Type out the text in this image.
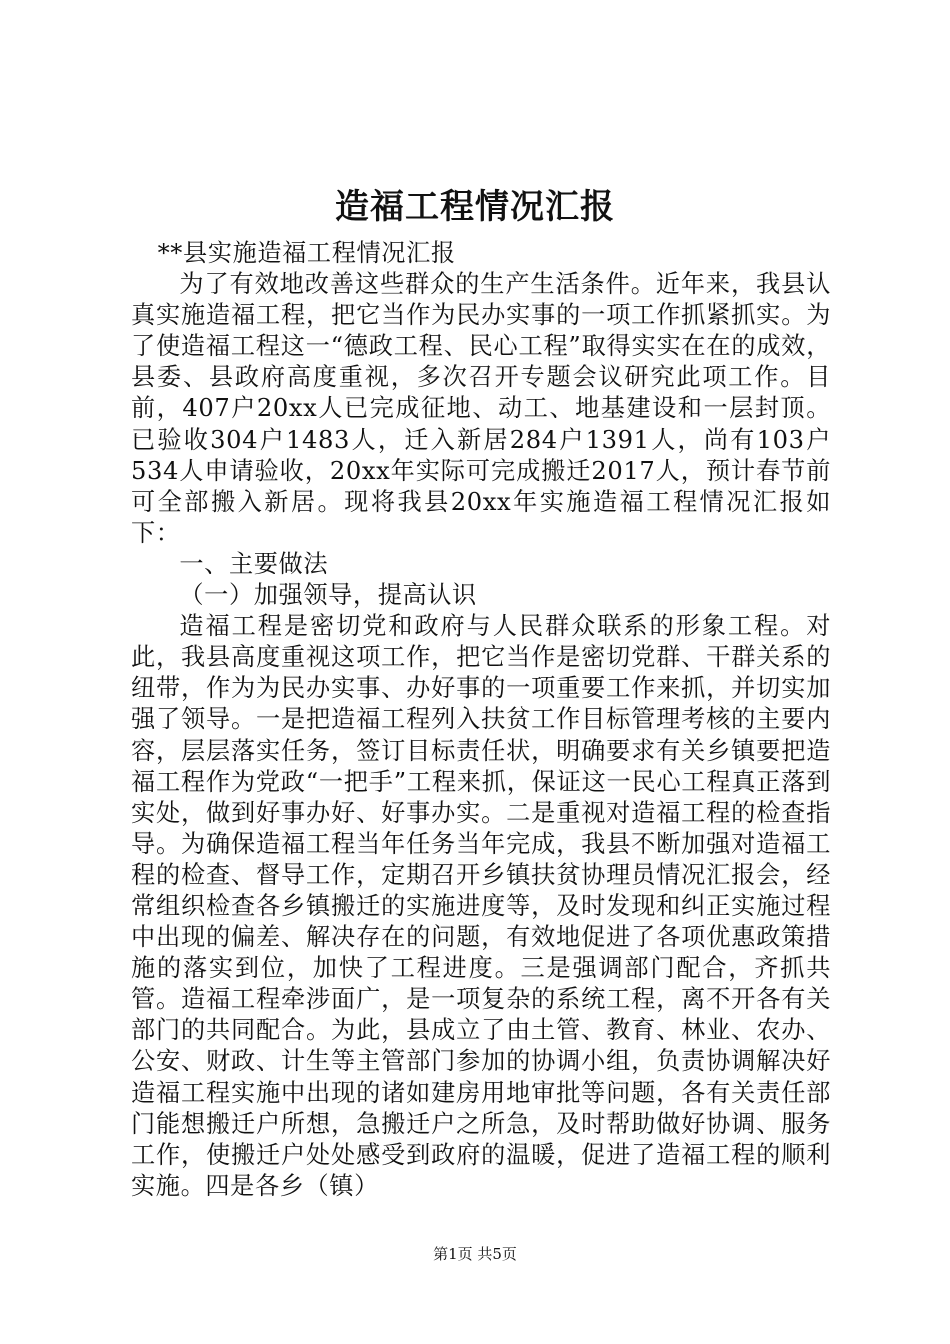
造福工程情况汇报

**县实施造福工程情况汇报

为了有效地改善这些群众的生产生活条件。近年来，我县认真实施造福工程，把它当作为民办实事的一项工作抓紧抓实。为了使造福工程这一“德政工程、民心工程”取得实实在在的成效，县委、县政府高度重视，多次召开专题会议研究此项工作。目前，407户20xx人已完成征地、动工、地基建设和一层封顶。已验收304户1483人，迁入新居284户1391人，尚有103户534人申请验收，20xx年实际可完成搬迁2017人，预计春节前可全部搬入新居。现将我县20xx年实施造福工程情况汇报如下：

一、主要做法

（一）加强领导，提高认识

造福工程是密切党和政府与人民群众联系的形象工程。对此，我县高度重视这项工作，把它当作是密切党群、干群关系的纽带，作为为民办实事、办好事的一项重要工作来抓，并切实加强了领导。一是把造福工程列入扶贫工作目标管理考核的主要内容，层层落实任务，签订目标责任状，明确要求有关乡镇要把造福工程作为党政“一把手”工程来抓，保证这一民心工程真正落到实处，做到好事办好、好事办实。二是重视对造福工程的检查指导。为确保造福工程当年任务当年完成，我县不断加强对造福工程的检查、督导工作，定期召开乡镇扶贫协理员情况汇报会，经常组织检查各乡镇搬迁的实施进度等，及时发现和纠正实施过程中出现的偏差、解决存在的问题，有效地促进了各项优惠政策措施的落实到位，加快了工程进度。三是强调部门配合，齐抓共管。造福工程牵涉面广，是一项复杂的系统工程，离不开各有关部门的共同配合。为此，县成立了由土管、教育、林业、农办、公安、财政、计生等主管部门参加的协调小组，负责协调解决好造福工程实施中出现的诸如建房用地审批等问题，各有关责任部门能想搬迁户所想，急搬迁户之所急，及时帮助做好协调、服务工作，使搬迁户处处感受到政府的温暖，促进了造福工程的顺利实施。四是各乡（镇）

第1页 共5页
